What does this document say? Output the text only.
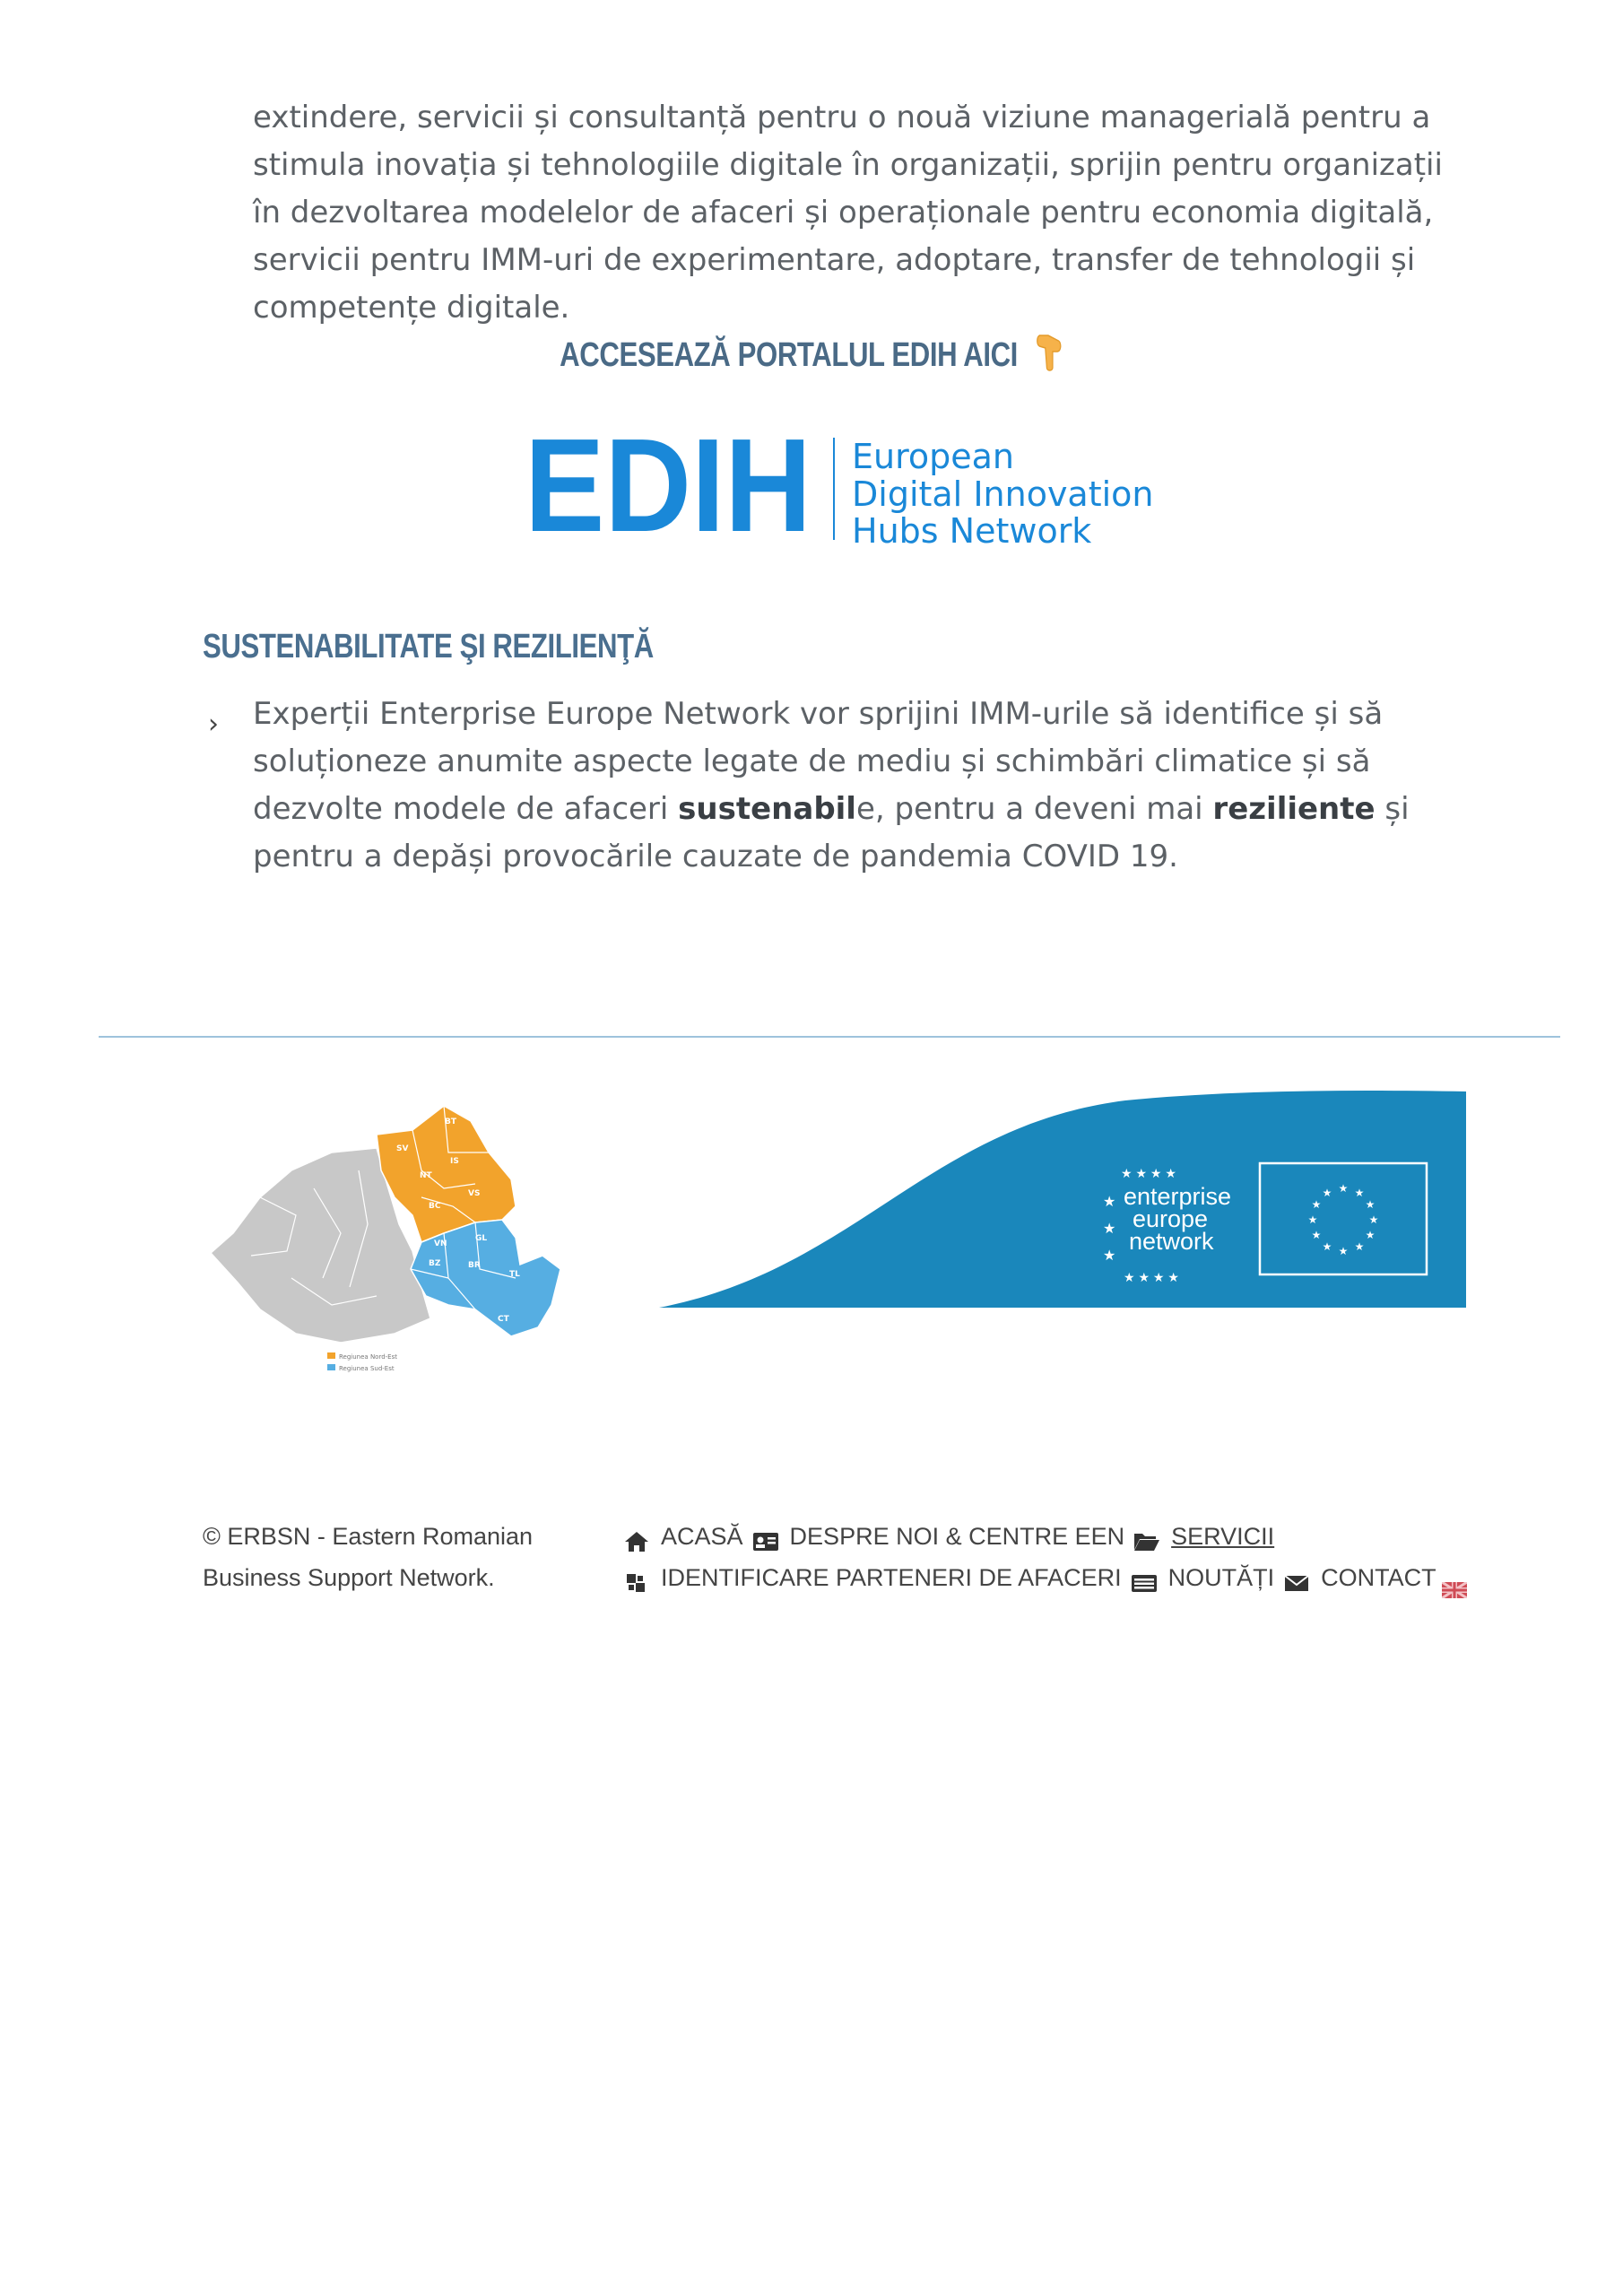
extindere, servicii și consultanță pentru o nouă viziune managerială pentru a stimula inovația și tehnologiile digitale în organizații, sprijin pentru organizații în dezvoltarea modelelor de afaceri și operaționale pentru economia digitală, servicii pentru IMM-uri de experimentare, adoptare, transfer de tehnologii și competențe digitale.
ACCESEAZĂ PORTALUL EDIH AICI
EDIH European
Digital Innovation
Hubs Network
SUSTENABILITATE ŞI REZILIENŢĂ
› Experții Enterprise Europe Network vor sprijini IMM-urile să identifice și să soluționeze anumite aspecte legate de mediu și schimbări climatice și să dezvolte modele de afaceri sustenabile, pentru a deveni mai reziliente și pentru a depăși provocările cauzate de pandemia COVID 19.
BT
SV
IS
NT
VS
BC
GL
VN
BR
BZ
TL
CT
Regiunea Nord-Est
Regiunea Sud-Est
★ ★ ★ ★
★
★
★
★ ★ ★ ★
enterprise
europe
network
★ ★
★
★
★
★
★
★
★
★
★
★
© ERBSN - Eastern Romanian
Business Support Network.
ACASĂ DESPRE NOI & CENTRE EEN SERVICII
IDENTIFICARE PARTENERI DE AFACERI NOUTĂȚI CONTACT
